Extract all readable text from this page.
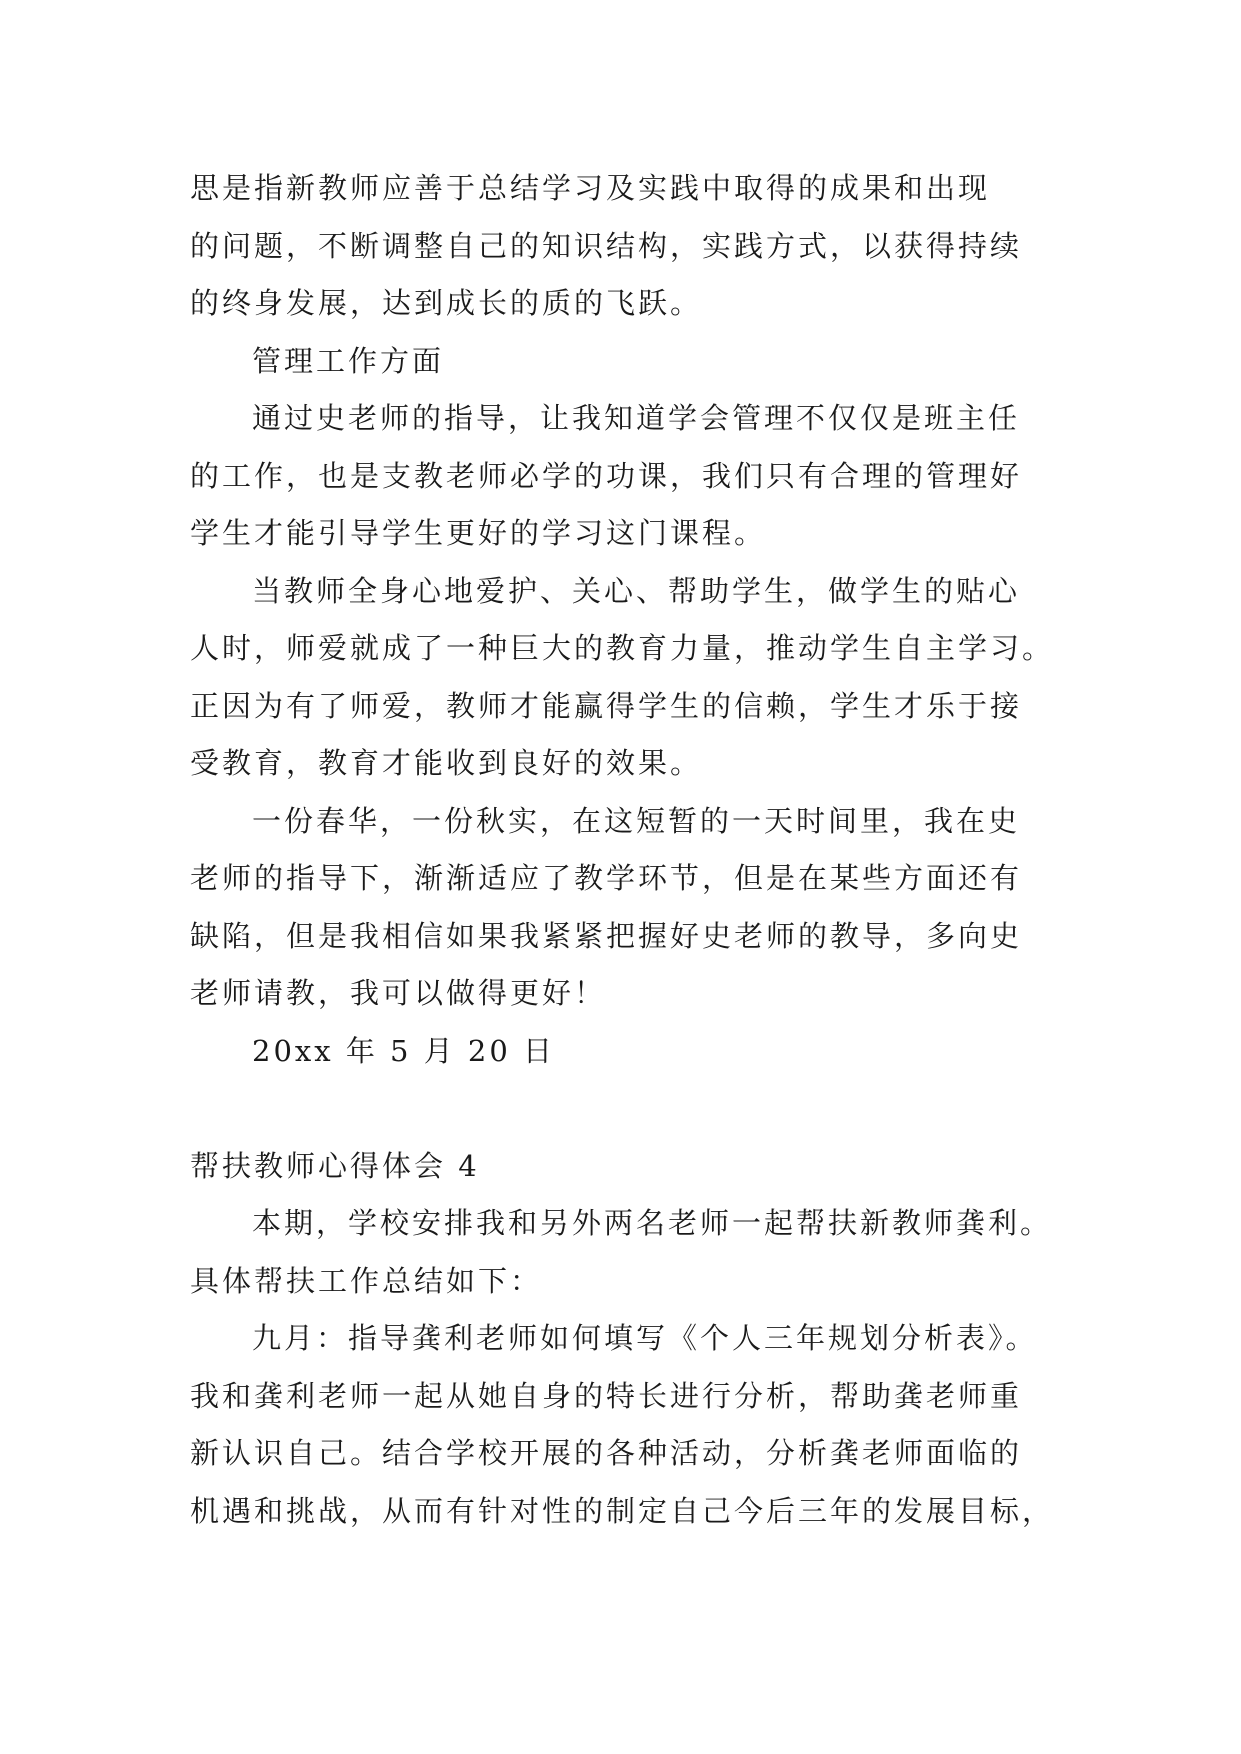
思是指新教师应善于总结学习及实践中取得的成果和出现
的问题，不断调整自己的知识结构，实践方式，以获得持续
的终身发展，达到成长的质的飞跃。
管理工作方面
通过史老师的指导，让我知道学会管理不仅仅是班主任
的工作，也是支教老师必学的功课，我们只有合理的管理好
学生才能引导学生更好的学习这门课程。
当教师全身心地爱护、关心、帮助学生，做学生的贴心
人时，师爱就成了一种巨大的教育力量，推动学生自主学习。
正因为有了师爱，教师才能赢得学生的信赖，学生才乐于接
受教育，教育才能收到良好的效果。
一份春华，一份秋实，在这短暂的一天时间里，我在史
老师的指导下，渐渐适应了教学环节，但是在某些方面还有
缺陷，但是我相信如果我紧紧把握好史老师的教导，多向史
老师请教，我可以做得更好！
20xx 年 5 月 20 日
帮扶教师心得体会 4
本期，学校安排我和另外两名老师一起帮扶新教师龚利。
具体帮扶工作总结如下：
九月：指导龚利老师如何填写《个人三年规划分析表》。
我和龚利老师一起从她自身的特长进行分析，帮助龚老师重
新认识自己。结合学校开展的各种活动，分析龚老师面临的
机遇和挑战，从而有针对性的制定自己今后三年的发展目标，
